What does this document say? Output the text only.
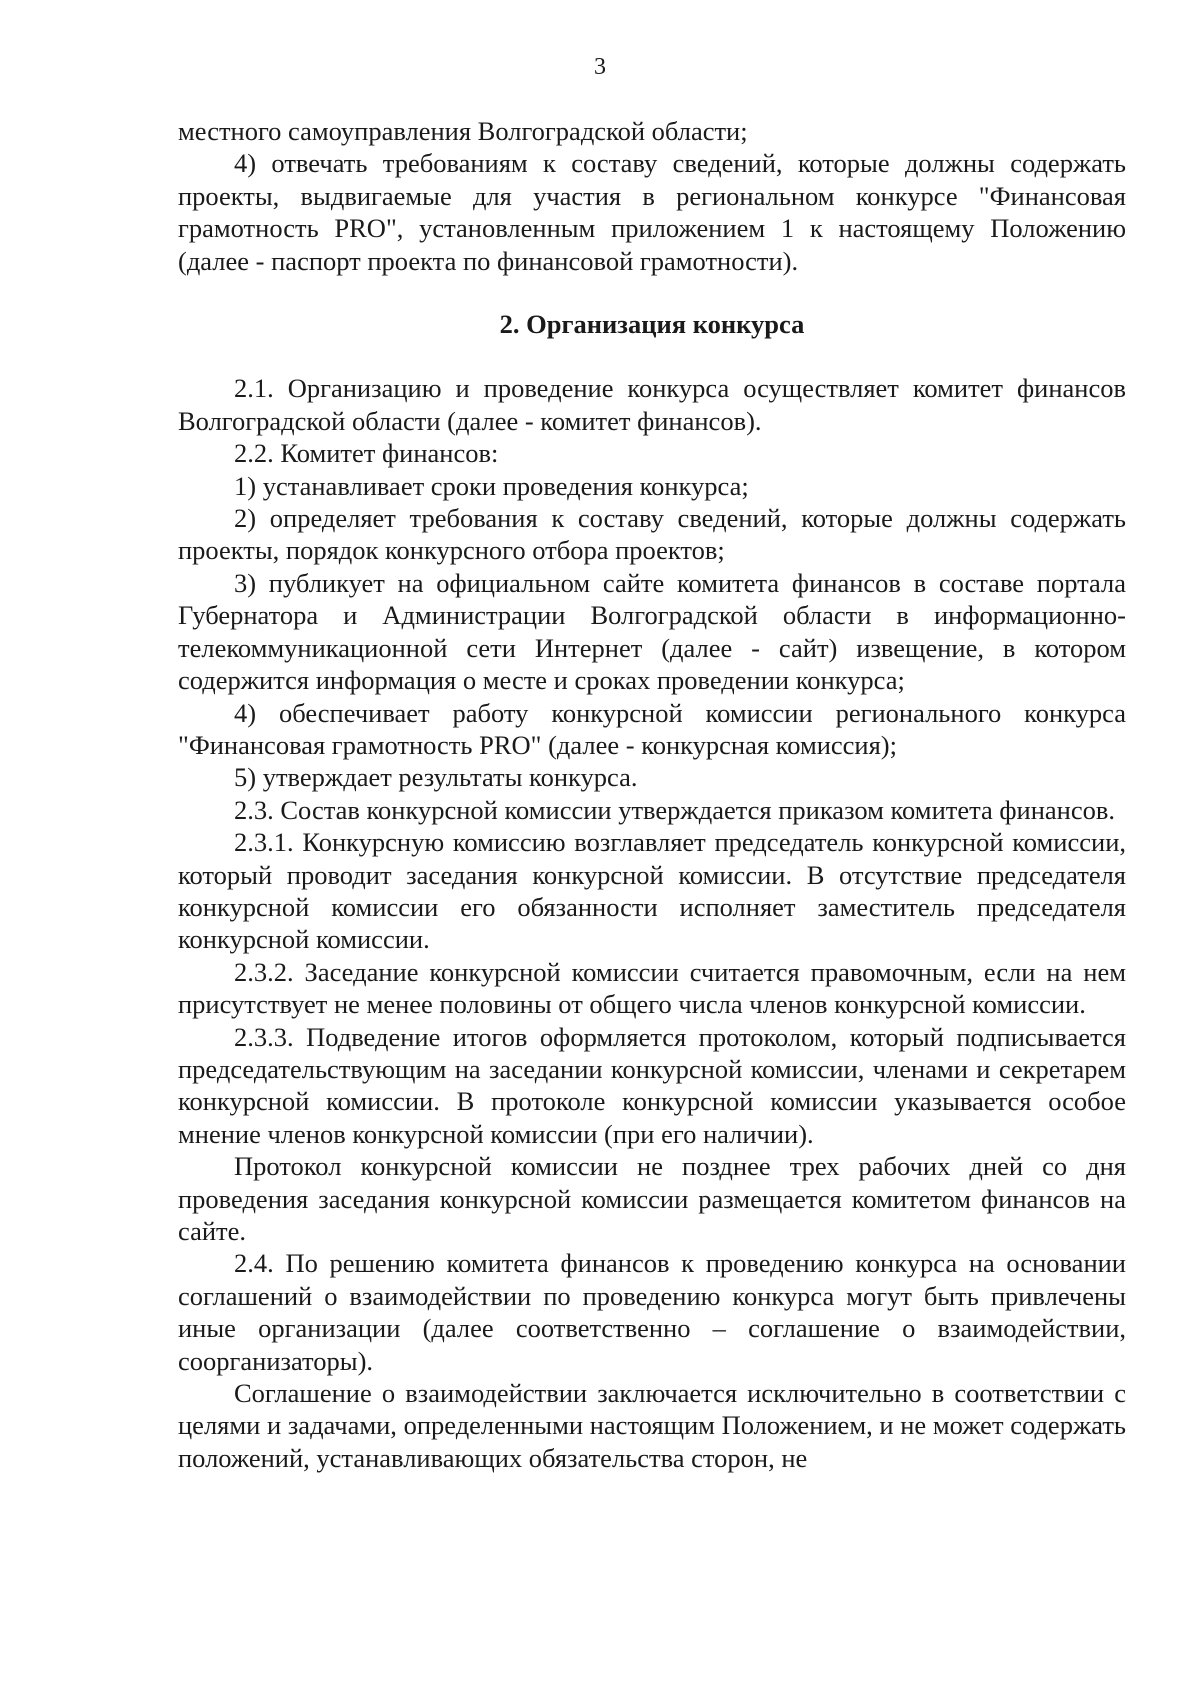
3

местного самоуправления Волгоградской области;

4) отвечать требованиям к составу сведений, которые должны содержать проекты, выдвигаемые для участия в региональном конкурсе "Финансовая грамотность PRO", установленным приложением 1 к настоящему Положению (далее - паспорт проекта по финансовой грамотности).

2. Организация конкурса

2.1. Организацию и проведение конкурса осуществляет комитет финансов Волгоградской области (далее - комитет финансов).

2.2. Комитет финансов:

1) устанавливает сроки проведения конкурса;

2) определяет требования к составу сведений, которые должны содержать проекты, порядок конкурсного отбора проектов;

3) публикует на официальном сайте комитета финансов в составе портала Губернатора и Администрации Волгоградской области в информационно-телекоммуникационной сети Интернет (далее - сайт) извещение, в котором содержится информация о месте и сроках проведении конкурса;

4) обеспечивает работу конкурсной комиссии регионального конкурса "Финансовая грамотность PRO" (далее - конкурсная комиссия);

5) утверждает результаты конкурса.

2.3. Состав конкурсной комиссии утверждается приказом комитета финансов.

2.3.1. Конкурсную комиссию возглавляет председатель конкурсной комиссии, который проводит заседания конкурсной комиссии. В отсутствие председателя конкурсной комиссии его обязанности исполняет заместитель председателя конкурсной комиссии.

2.3.2. Заседание конкурсной комиссии считается правомочным, если на нем присутствует не менее половины от общего числа членов конкурсной комиссии.

2.3.3. Подведение итогов оформляется протоколом, который подписывается председательствующим на заседании конкурсной комиссии, членами и секретарем конкурсной комиссии. В протоколе конкурсной комиссии указывается особое мнение членов конкурсной комиссии (при его наличии).

Протокол конкурсной комиссии не позднее трех рабочих дней со дня проведения заседания конкурсной комиссии размещается комитетом финансов на сайте.

2.4. По решению комитета финансов к проведению конкурса на основании соглашений о взаимодействии по проведению конкурса могут быть привлечены иные организации (далее соответственно – соглашение о взаимодействии, соорганизаторы).

Соглашение о взаимодействии заключается исключительно в соответствии с целями и задачами, определенными настоящим Положением, и не может содержать положений, устанавливающих обязательства сторон, не
